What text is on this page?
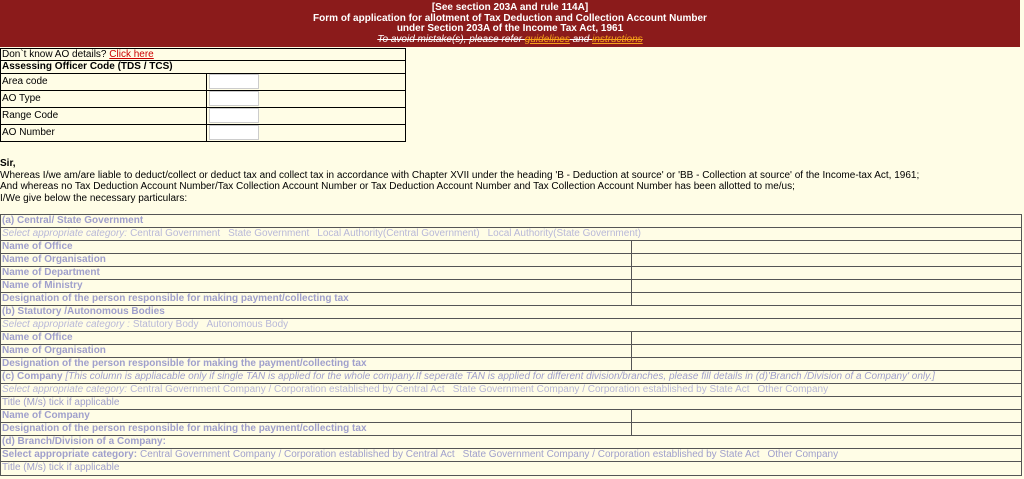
[See section 203A and rule 114A]
Form of application for allotment of Tax Deduction and Collection Account Number
under Section 203A of the Income Tax Act, 1961
To avoid mistake(s), please refer guidelines and instructions
Don`t know AO details? Click here
Assessing Officer Code (TDS / TCS)
Area code
AO Type
Range Code
AO Number
Sir,
Whereas I/we am/are liable to deduct/collect or deduct tax and collect tax in accordance with Chapter XVII under the heading 'B - Deduction at source' or 'BB - Collection at source' of the Income-tax Act, 1961;
And whereas no Tax Deduction Account Number/Tax Collection Account Number or Tax Deduction Account Number and Tax Collection Account Number has been allotted to me/us;
I/We give below the necessary particulars:
(a) Central/ State Government
Select appropriate category: Central Government State Government Local Authority(Central Government) Local Authority(State Government)
Name of Office
Name of Organisation
Name of Department
Name of Ministry
Designation of the person responsible for making payment/collecting tax
(b) Statutory /Autonomous Bodies
Select appropriate category : Statutory Body Autonomous Body
Name of Office
Name of Organisation
Designation of the person responsible for making the payment/collecting tax
(c) Company [This column is appliacable only if single TAN is applied for the whole company.If seperate TAN is applied for different division/branches, please fill details in (d)'Branch /Division of a Company' only.]
Select appropriate category: Central Government Company / Corporation established by Central Act State Government Company / Corporation established by State Act Other Company
Title (M/s) tick if applicable
Name of Company
Designation of the person responsible for making the payment/collecting tax
(d) Branch/Division of a Company:
Select appropriate category: Central Government Company / Corporation established by Central Act State Government Company / Corporation established by State Act Other Company
Title (M/s) tick if applicable
